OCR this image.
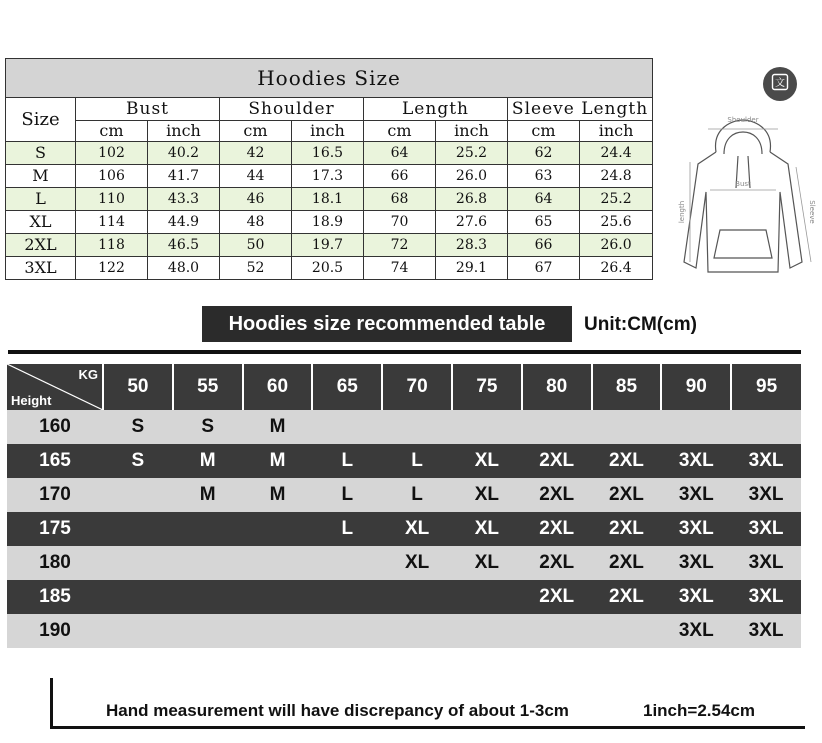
Hoodies Size								
Size	Bust		Shoulder		Length		Sleeve Length	
	cm	inch	cm	inch	cm	inch	cm	inch
S	102	40.2	42	16.5	64	25.2	62	24.4
M	106	41.7	44	17.3	66	26.0	63	24.8
L	110	43.3	46	18.1	68	26.8	64	25.2
XL	114	44.9	48	18.9	70	27.6	65	25.6
2XL	118	46.5	50	19.7	72	28.3	66	26.0
3XL	122	48.0	52	20.5	74	29.1	67	26.4
文
Shoulder
Bust
length	Sleeve
Hoodies size recommended table	Unit:CM(cm)
KG
Height	50	55	60	65	70	75	80	85	90	95
160	S	S	M							
165	S	M	M	L	L	XL	2XL	2XL	3XL	3XL
170		M	M	L	L	XL	2XL	2XL	3XL	3XL
175				L	XL	XL	2XL	2XL	3XL	3XL
180					XL	XL	2XL	2XL	3XL	3XL
185							2XL	2XL	3XL	3XL
190									3XL	3XL
Hand measurement will have discrepancy of about 1-3cm	1inch=2.54cm
